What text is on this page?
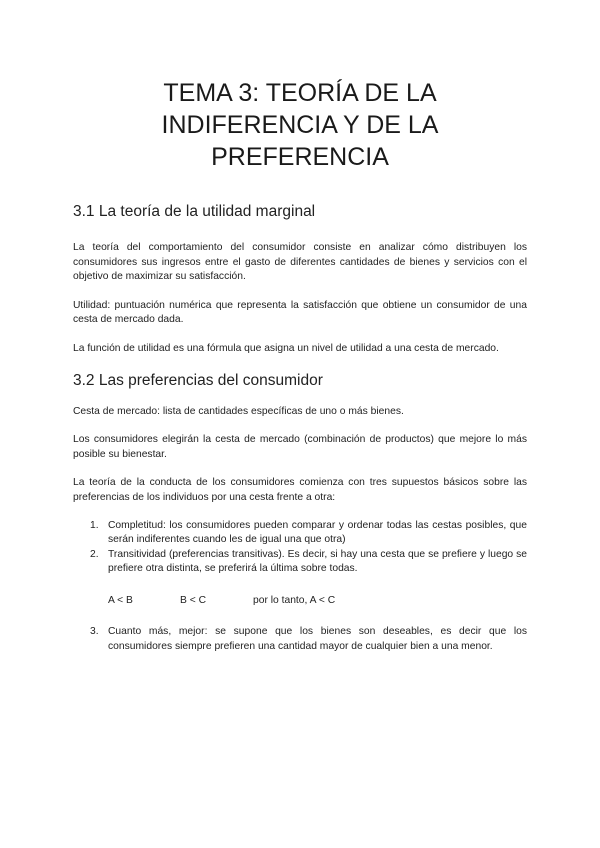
TEMA 3: TEORÍA DE LA
INDIFERENCIA Y DE LA
PREFERENCIA
3.1 La teoría de la utilidad marginal

La teoría del comportamiento del consumidor consiste en analizar cómo distribuyen los consumidores sus ingresos entre el gasto de diferentes cantidades de bienes y servicios con el objetivo de maximizar su satisfacción.

Utilidad: puntuación numérica que representa la satisfacción que obtiene un consumidor de una cesta de mercado dada.

La función de utilidad es una fórmula que asigna un nivel de utilidad a una cesta de mercado.

3.2 Las preferencias del consumidor

Cesta de mercado: lista de cantidades específicas de uno o más bienes.

Los consumidores elegirán la cesta de mercado (combinación de productos) que mejore lo más posible su bienestar.

La teoría de la conducta de los consumidores comienza con tres supuestos básicos sobre las preferencias de los individuos por una cesta frente a otra:

1. Completitud: los consumidores pueden comparar y ordenar todas las cestas posibles, que serán indiferentes cuando les de igual una que otra)
2. Transitividad (preferencias transitivas). Es decir, si hay una cesta que se prefiere y luego se prefiere otra distinta, se preferirá la última sobre todas.
A < B	B < C	por lo tanto, A < C
3. Cuanto más, mejor: se supone que los bienes son deseables, es decir que los consumidores siempre prefieren una cantidad mayor de cualquier bien a una menor.
